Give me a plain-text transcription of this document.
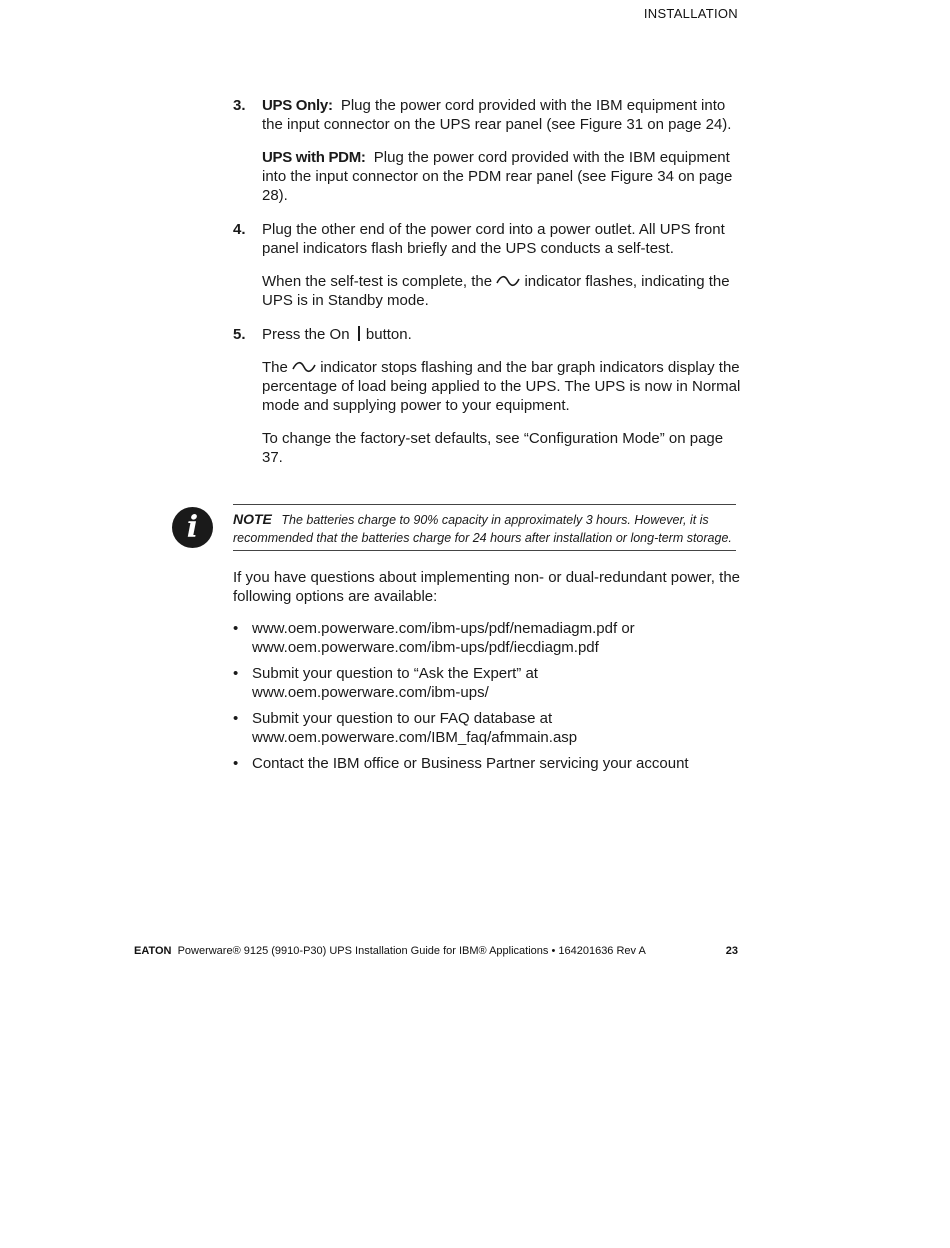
INSTALLATION
3. UPS Only: Plug the power cord provided with the IBM equipment into the input connector on the UPS rear panel (see Figure 31 on page 24).

UPS with PDM: Plug the power cord provided with the IBM equipment into the input connector on the PDM rear panel (see Figure 34 on page 28).

4. Plug the other end of the power cord into a power outlet. All UPS front panel indicators flash briefly and the UPS conducts a self-test.

When the self-test is complete, the indicator flashes, indicating the UPS is in Standby mode.

5. Press the On button.

The indicator stops flashing and the bar graph indicators display the percentage of load being applied to the UPS. The UPS is now in Normal mode and supplying power to your equipment.

To change the factory-set defaults, see “Configuration Mode” on page 37.

i	NOTE The batteries charge to 90% capacity in approximately 3 hours. However, it is recommended that the batteries charge for 24 hours after installation or long-term storage.

If you have questions about implementing non- or dual-redundant power, the following options are available:

• www.oem.powerware.com/ibm-ups/pdf/nemadiagm.pdf or
www.oem.powerware.com/ibm-ups/pdf/iecdiagm.pdf
• Submit your question to “Ask the Expert” at
www.oem.powerware.com/ibm-ups/
• Submit your question to our FAQ database at
www.oem.powerware.com/IBM_faq/afmmain.asp
• Contact the IBM office or Business Partner servicing your account
EATON Powerware® 9125 (9910-P30) UPS Installation Guide for IBM® Applications • 164201636 Rev A	23
